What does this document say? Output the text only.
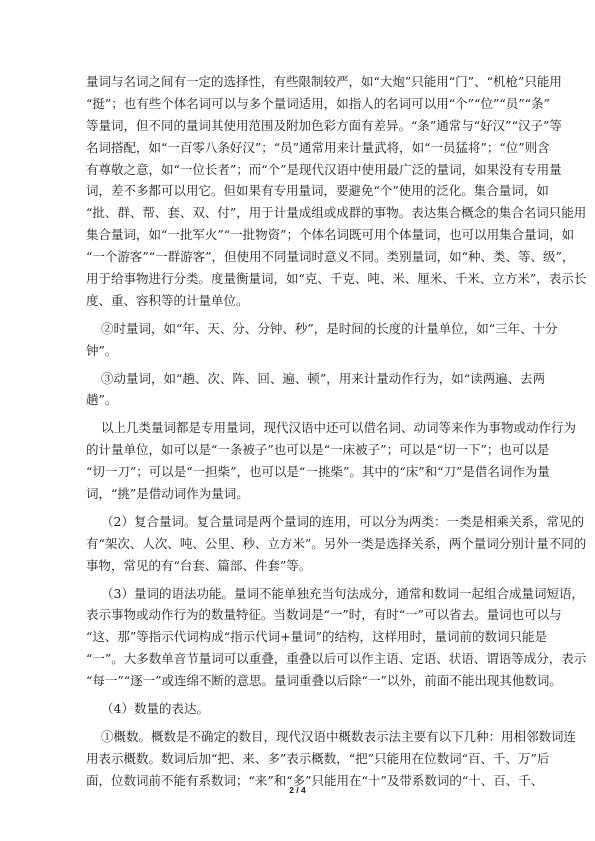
量词与名词之间有一定的选择性，有些限制较严，如“大炮”只能用“门”、“机枪”只能用
“挺”；也有些个体名词可以与多个量词适用，如指人的名词可以用“个”“位”“员”“条”
等量词，但不同的量词其使用范围及附加色彩方面有差异。“条”通常与“好汉”“汉子”等
名词搭配，如“一百零八条好汉”；“员”通常用来计量武将，如“一员猛将”；“位”则含
有尊敬之意，如“一位长者”；而“个”是现代汉语中使用最广泛的量词，如果没有专用量
词，差不多都可以用它。但如果有专用量词，要避免“个”使用的泛化。集合量词，如
“批、群、帮、套、双、付”，用于计量成组或成群的事物。表达集合概念的集合名词只能用
集合量词，如“一批军火”“一批物资”；个体名词既可用个体量词，也可以用集合量词，如
“一个游客”“一群游客”，但使用不同量词时意义不同。类别量词，如“种、类、等、级”，
用于给事物进行分类。度量衡量词，如“克、千克、吨、米、厘米、千米、立方米”，表示长
度、重、容积等的计量单位。
②时量词，如“年、天、分、分钟、秒”，是时间的长度的计量单位，如“三年、十分
钟”。
③动量词，如“趟、次、阵、回、遍、顿”，用来计量动作行为，如“读两遍、去两
趟”。
以上几类量词都是专用量词，现代汉语中还可以借名词、动词等来作为事物或动作行为
的计量单位，如可以是“一条被子”也可以是“一床被子”；可以是“切一下”；也可以是
“切一刀”；可以是“一担柴”，也可以是“一挑柴”。其中的“床”和“刀”是借名词作为量
词，“挑”是借动词作为量词。
（2）复合量词。复合量词是两个量词的连用，可以分为两类：一类是相乘关系，常见的
有“架次、人次、吨、公里、秒、立方米”。另外一类是选择关系，两个量词分别计量不同的
事物，常见的有“台套、篇部、件套”等。
（3）量词的语法功能。量词不能单独充当句法成分，通常和数词一起组合成量词短语，
表示事物或动作行为的数量特征。当数词是“一”时，有时“一”可以省去。量词也可以与
“这、那”等指示代词构成“指示代词+量词”的结构，这样用时，量词前的数词只能是
“一”。大多数单音节量词可以重叠，重叠以后可以作主语、定语、状语、谓语等成分，表示
“每一”“逐一”或连绵不断的意思。量词重叠以后除“一”以外，前面不能出现其他数词。
（4）数量的表达。
①概数。概数是不确定的数目，现代汉语中概数表示法主要有以下几种：用相邻数词连
用表示概数。数词后加“把、来、多”表示概数，“把”只能用在位数词“百、千、万”后
面，位数词前不能有系数词；“来”和“多”只能用在“十”及带系数词的“十、百、千、
2 / 4
